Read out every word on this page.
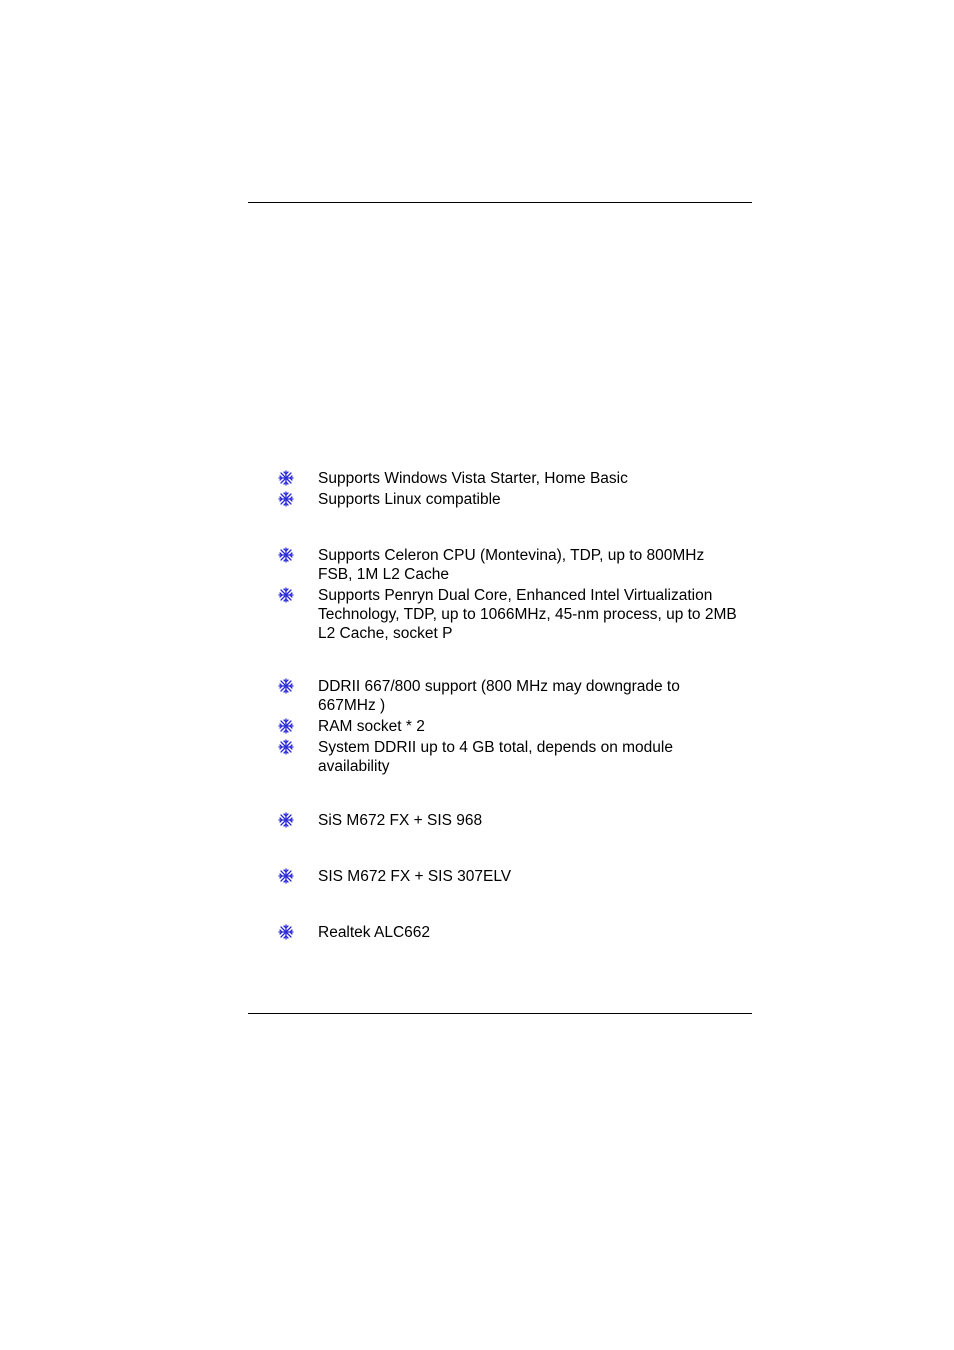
Supports Windows Vista Starter, Home Basic
Supports Linux compatible
Supports Celeron CPU (Montevina), TDP, up to 800MHz FSB, 1M L2 Cache
Supports Penryn Dual Core, Enhanced Intel Virtualization Technology, TDP, up to 1066MHz, 45-nm process, up to 2MB L2 Cache, socket P
DDRII 667/800 support (800 MHz may downgrade to 667MHz )
RAM socket * 2
System DDRII up to 4 GB total, depends on module availability
SiS M672 FX + SIS 968
SIS M672 FX + SIS 307ELV
Realtek ALC662
